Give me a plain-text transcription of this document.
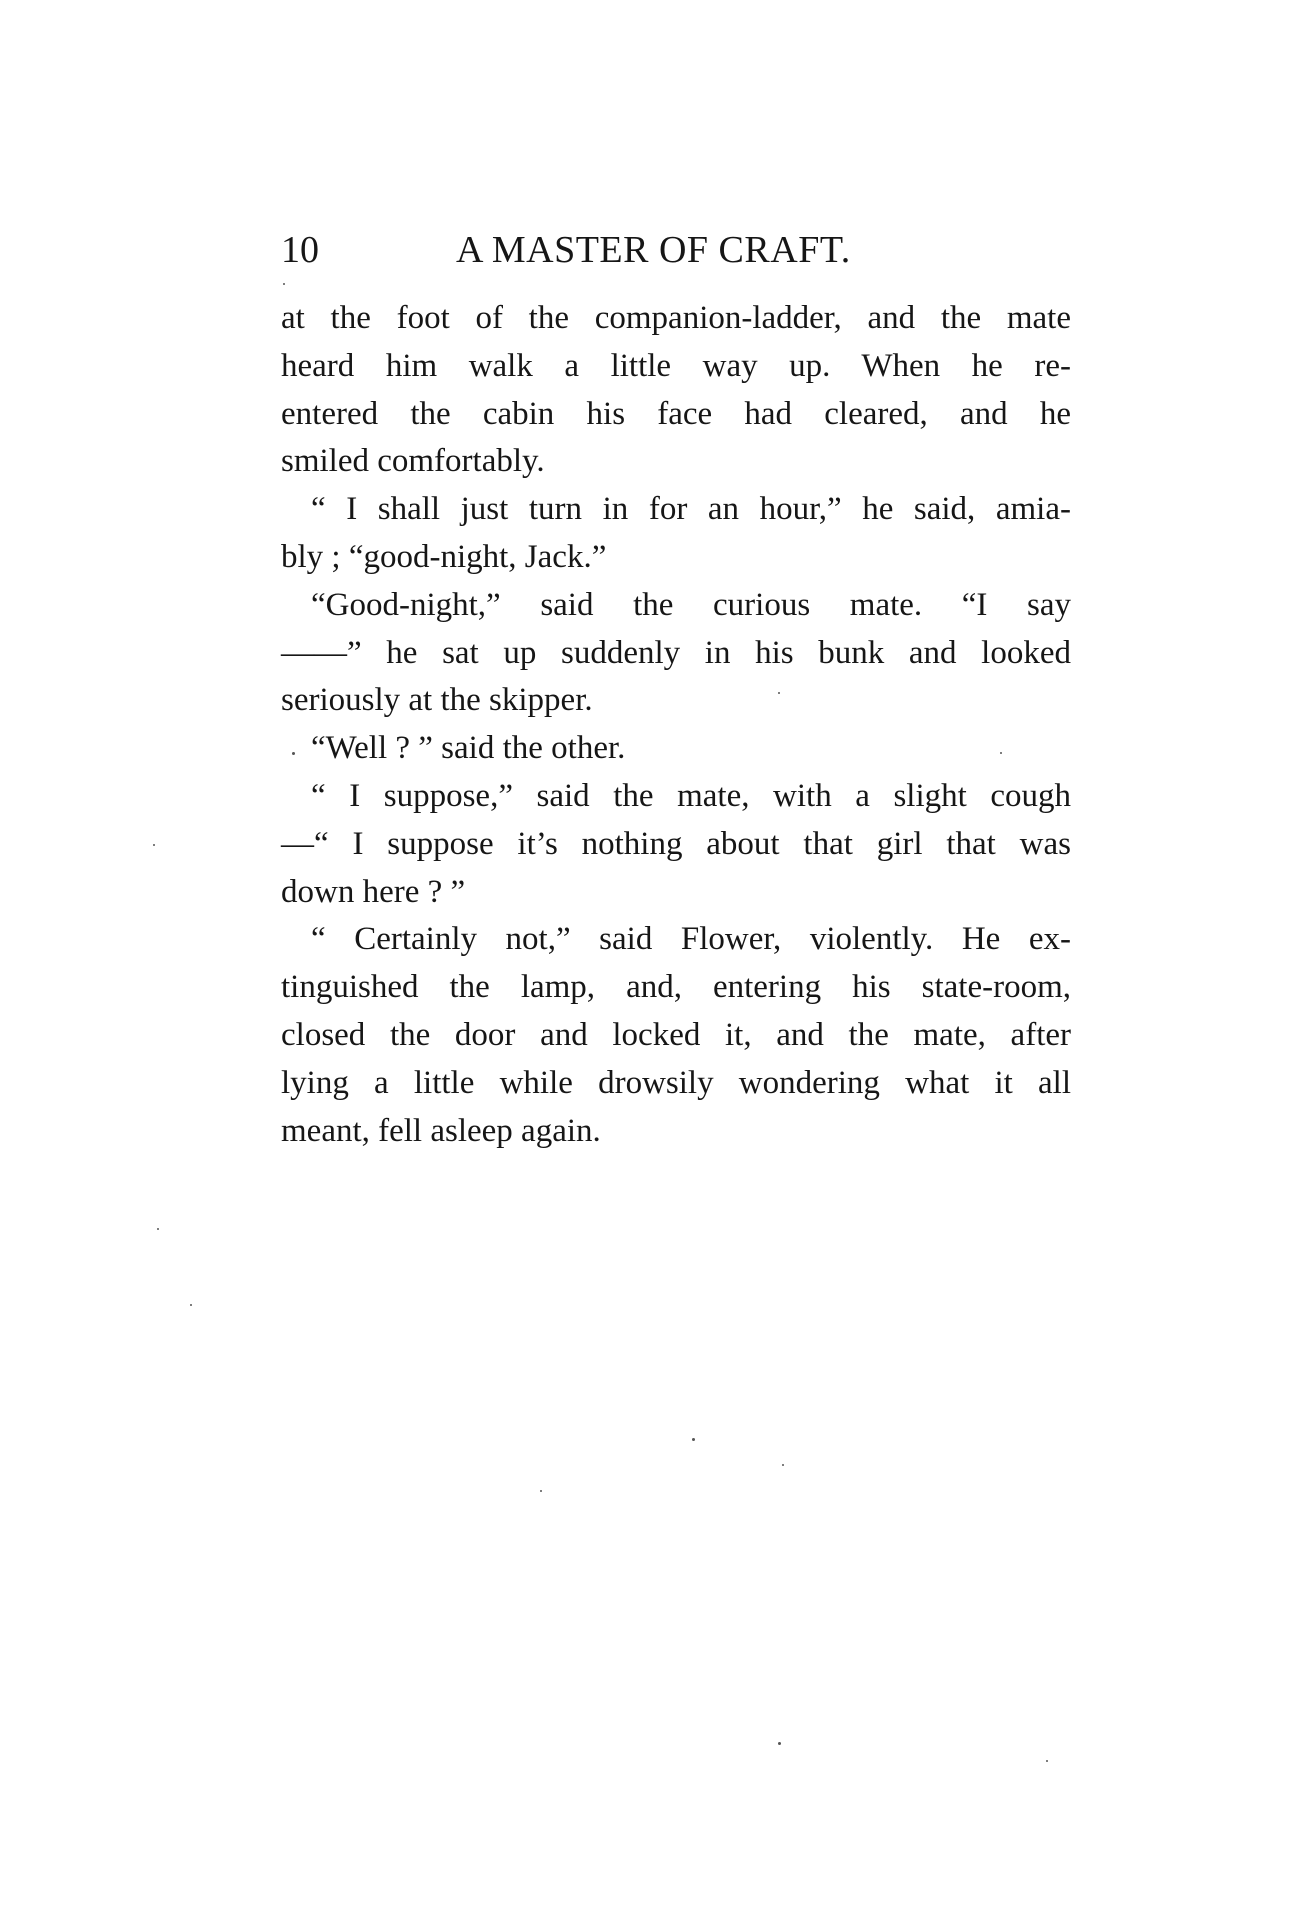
10	A MASTER OF CRAFT.
at the foot of the companion-ladder, and the mate
heard him walk a little way up. When he re-
entered the cabin his face had cleared, and he
smiled comfortably.
“ I shall just turn in for an hour,” he said, amia-
bly ; “good-night, Jack.”
“Good-night,” said the curious mate. “I say
——” he sat up suddenly in his bunk and looked
seriously at the skipper.
“Well ? ” said the other.
“ I suppose,” said the mate, with a slight cough
—“ I suppose it’s nothing about that girl that was
down here ? ”
“ Certainly not,” said Flower, violently. He ex-
tinguished the lamp, and, entering his state-room,
closed the door and locked it, and the mate, after
lying a little while drowsily wondering what it all
meant, fell asleep again.
